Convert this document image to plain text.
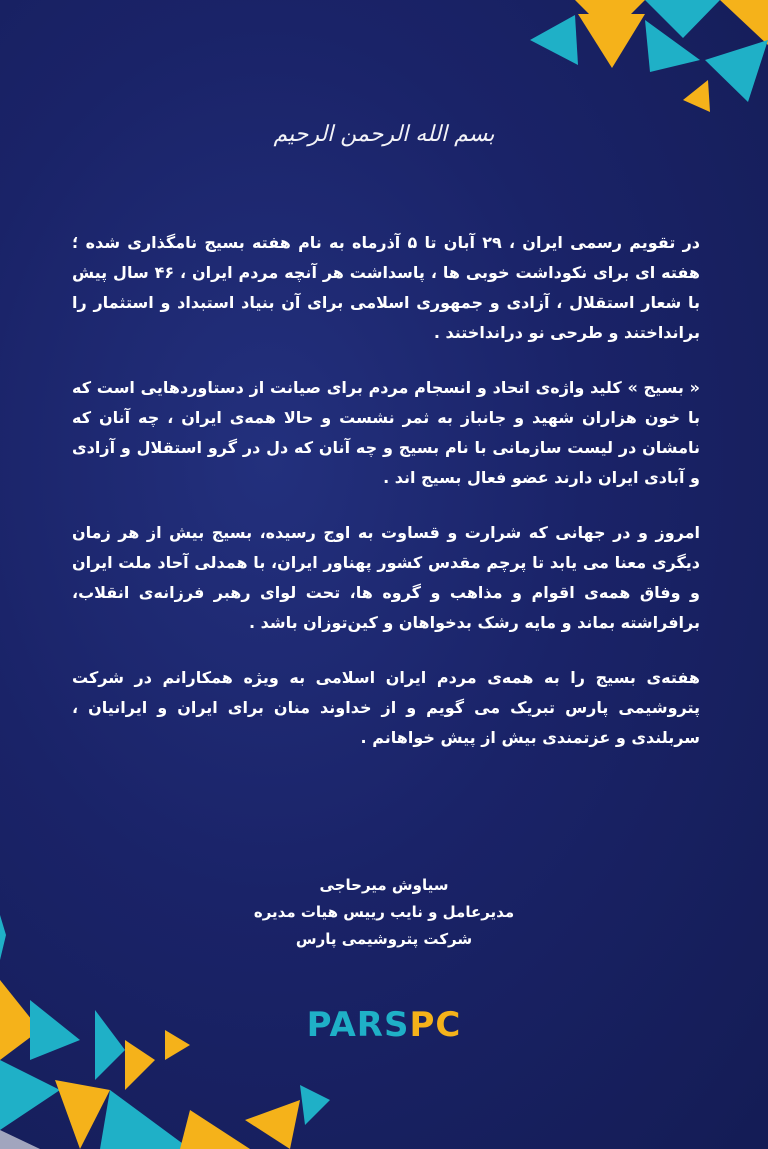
بسم الله الرحمن الرحیم

در تقویم رسمی ایران ، ۲۹ آبان تا ۵ آذرماه به نام هفته بسیج نامگذاری شده ؛ هفته ای برای نکوداشت خوبی ها ، پاسداشت هر آنچه مردم ایران ، ۴۶ سال پیش با شعار استقلال ، آزادی و جمهوری اسلامی برای آن بنیاد استبداد و استثمار را برانداختند و طرحی نو درانداختند .

« بسیج » کلید واژه‌ی اتحاد و انسجام مردم برای صیانت از دستاوردهایی است که با خون هزاران شهید و جانباز به ثمر نشست و حالا همه‌ی ایران ، چه آنان که نامشان در لیست سازمانی با نام بسیج و چه آنان که دل در گرو استقلال و آزادی و آبادی ایران دارند عضو فعال بسیج اند .

امروز و در جهانی که شرارت و قساوت به اوج رسیده، بسیج بیش از هر زمان دیگری معنا می یابد تا پرچم مقدس کشور پهناور ایران، با همدلی آحاد ملت ایران و وفاق همه‌ی اقوام و مذاهب و گروه ها، تحت لوای رهبر فرزانه‌ی انقلاب، برافراشته بماند و مایه رشک بدخواهان و کین‌توزان باشد .

هفته‌ی بسیج را به همه‌ی مردم ایران اسلامی به ویژه همکارانم در شرکت پتروشیمی پارس تبریک می گویم و از خداوند منان برای ایران و ایرانیان ، سربلندی و عزتمندی بیش از پیش خواهانم .

سیاوش میرحاجی
مدیرعامل و نایب رییس هیات مدیره
شرکت پتروشیمی پارس
PARSPC
